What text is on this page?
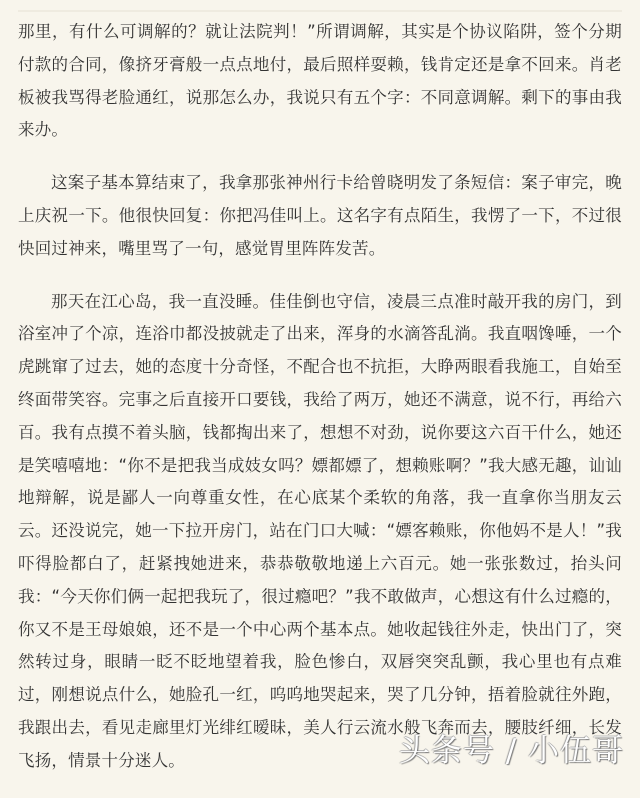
那里，有什么可调解的？就让法院判！”所谓调解，其实是个协议陷阱，签个分期付款的合同，像挤牙膏般一点点地付，最后照样耍赖，钱肯定还是拿不回来。肖老板被我骂得老脸通红，说那怎么办，我说只有五个字：不同意调解。剩下的事由我来办。

这案子基本算结束了，我拿那张神州行卡给曾晓明发了条短信：案子审完，晚上庆祝一下。他很快回复：你把冯佳叫上。这名字有点陌生，我愣了一下，不过很快回过神来，嘴里骂了一句，感觉胃里阵阵发苦。

那天在江心岛，我一直没睡。佳佳倒也守信，凌晨三点准时敲开我的房门，到浴室冲了个凉，连浴巾都没披就走了出来，浑身的水滴答乱淌。我直咽馋唾，一个虎跳窜了过去，她的态度十分奇怪，不配合也不抗拒，大睁两眼看我施工，自始至终面带笑容。完事之后直接开口要钱，我给了两万，她还不满意，说不行，再给六百。我有点摸不着头脑，钱都掏出来了，想想不对劲，说你要这六百干什么，她还是笑嘻嘻地：“你不是把我当成妓女吗？嫖都嫖了，想赖账啊？”我大感无趣，讪讪地辩解，说是鄙人一向尊重女性，在心底某个柔软的角落，我一直拿你当朋友云云。还没说完，她一下拉开房门，站在门口大喊：“嫖客赖账，你他妈不是人！”我吓得脸都白了，赶紧拽她进来，恭恭敬敬地递上六百元。她一张张数过，抬头问我：“今天你们俩一起把我玩了，很过瘾吧？”我不敢做声，心想这有什么过瘾的，你又不是王母娘娘，还不是一个中心两个基本点。她收起钱往外走，快出门了，突然转过身，眼睛一眨不眨地望着我，脸色惨白，双唇突突乱颤，我心里也有点难过，刚想说点什么，她脸孔一红，呜呜地哭起来，哭了几分钟，捂着脸就往外跑，我跟出去，看见走廊里灯光绯红暧昧，美人行云流水般飞奔而去，腰肢纤细，长发飞扬，情景十分迷人。	头条号 / 小伍哥
